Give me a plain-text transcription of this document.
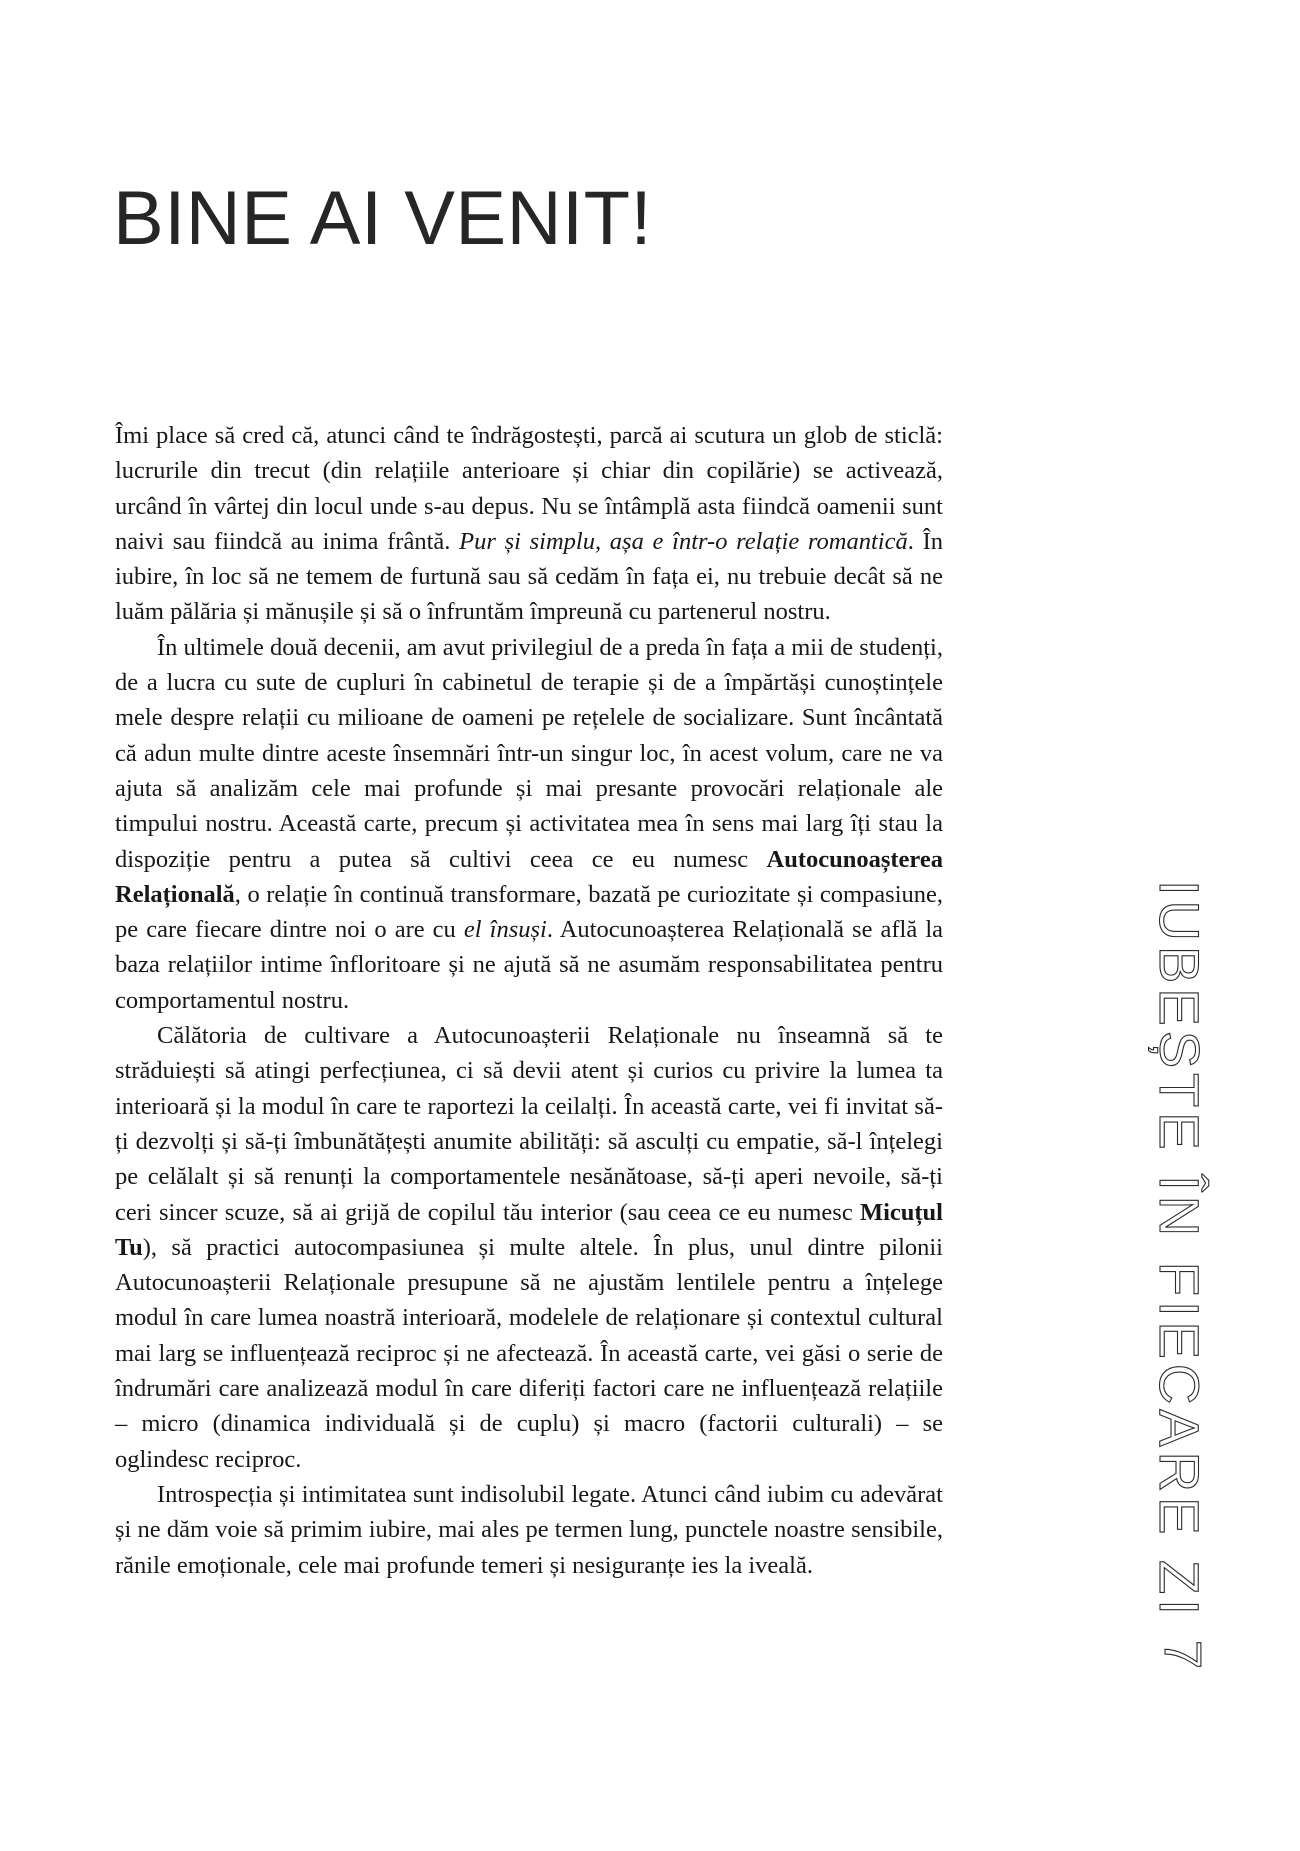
BINE AI VENIT!

Îmi place să cred că, atunci când te îndrăgostești, parcă ai scutura un glob de sticlă: lucrurile din trecut (din relațiile anterioare și chiar din copilărie) se activează, urcând în vârtej din locul unde s-au depus. Nu se întâmplă asta fiindcă oamenii sunt naivi sau fiindcă au inima frântă. Pur și simplu, așa e într-o relație romantică. În iubire, în loc să ne temem de furtună sau să cedăm în fața ei, nu trebuie decât să ne luăm pălăria și mănușile și să o înfruntăm împreună cu partenerul nostru.

În ultimele două decenii, am avut privilegiul de a preda în fața a mii de studenți, de a lucra cu sute de cupluri în cabinetul de terapie și de a împărtăși cunoștințele mele despre relații cu milioane de oameni pe rețelele de socializare. Sunt încântată că adun multe dintre aceste însemnări într-un singur loc, în acest volum, care ne va ajuta să analizăm cele mai profunde și mai presante provocări relaționale ale timpului nostru. Această carte, precum și activitatea mea în sens mai larg îți stau la dispoziție pentru a putea să cultivi ceea ce eu numesc Autocunoașterea Relațională, o relație în continuă transformare, bazată pe curiozitate și compasiune, pe care fiecare dintre noi o are cu el însuși. Autocunoașterea Relațională se află la baza relațiilor intime înfloritoare și ne ajută să ne asumăm responsabilitatea pentru comportamentul nostru.

Călătoria de cultivare a Autocunoașterii Relaționale nu înseamnă să te străduiești să atingi perfecțiunea, ci să devii atent și curios cu privire la lumea ta interioară și la modul în care te raportezi la ceilalți. În această carte, vei fi invitat să-ți dezvolți și să-ți îmbunătățești anumite abilități: să asculți cu empatie, să-l înțelegi pe celălalt și să renunți la comportamentele nesănătoase, să-ți aperi nevoile, să-ți ceri sincer scuze, să ai grijă de copilul tău interior (sau ceea ce eu numesc Micuțul Tu), să practici autocompasiunea și multe altele. În plus, unul dintre pilonii Autocunoașterii Relaționale presupune să ne ajustăm lentilele pentru a înțelege modul în care lumea noastră interioară, modelele de relaționare și contextul cultural mai larg se influențează reciproc și ne afectează. În această carte, vei găsi o serie de îndrumări care analizează modul în care diferiți factori care ne influențează relațiile – micro (dinamica individuală și de cuplu) și macro (factorii culturali) – se oglindesc reciproc.

Introspecția și intimitatea sunt indisolubil legate. Atunci când iubim cu adevărat și ne dăm voie să primim iubire, mai ales pe termen lung, punctele noastre sensibile, rănile emoționale, cele mai profunde temeri și nesiguranțe ies la iveală.	IUBEȘTE ÎN FIECARE ZI
7
